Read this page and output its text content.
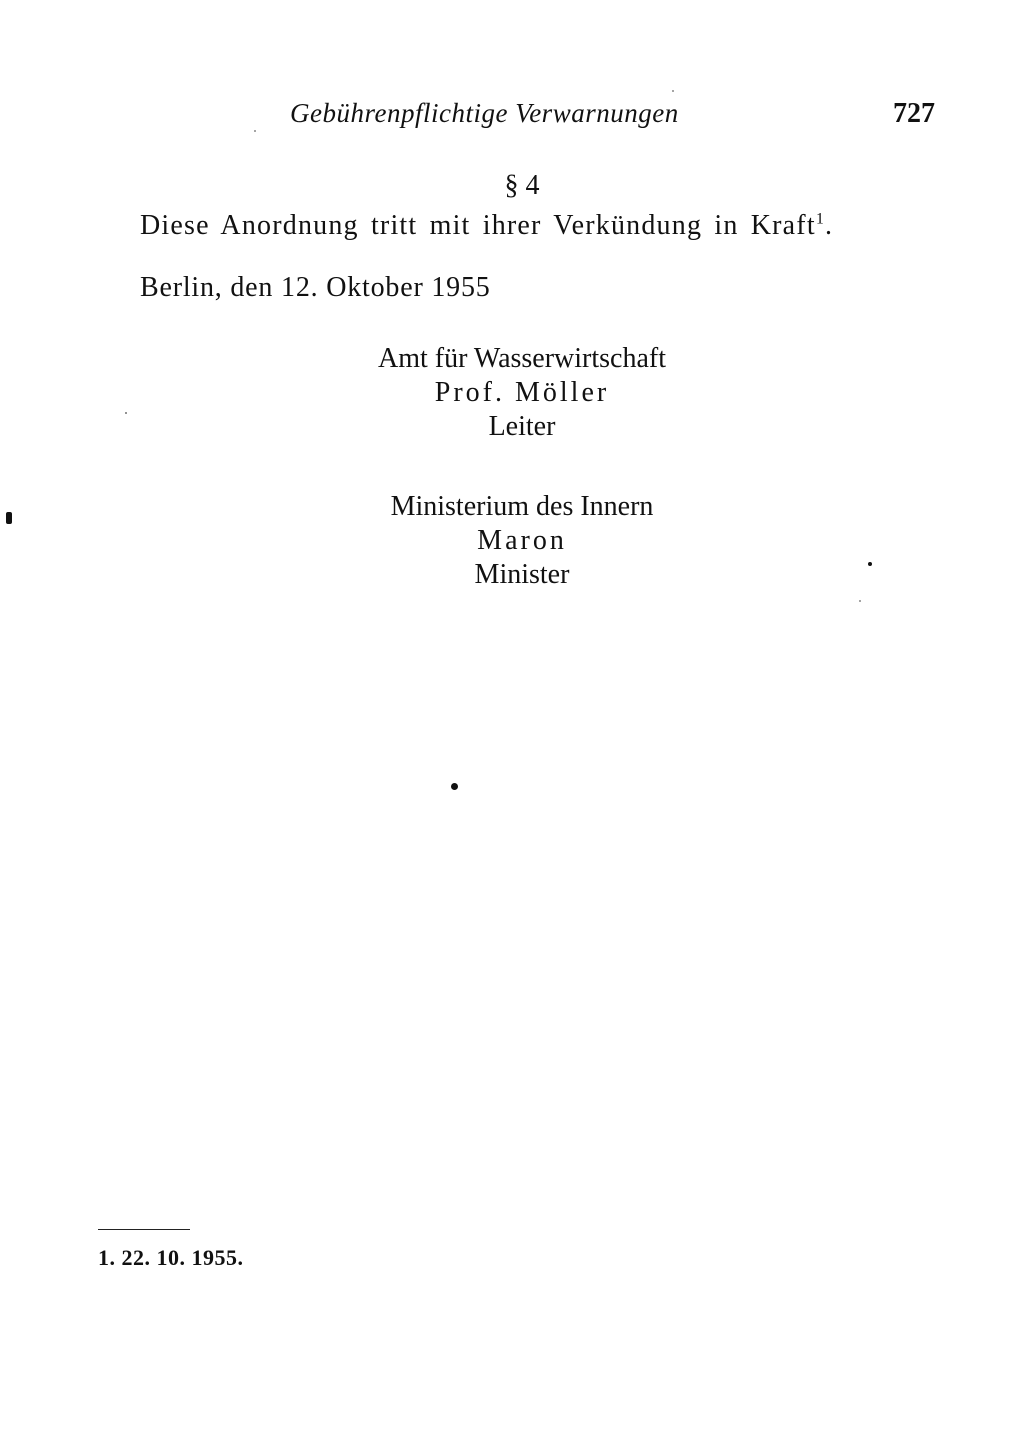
Gebührenpflichtige Verwarnungen	727
§ 4
Diese Anordnung tritt mit ihrer Verkündung in Kraft$^1$.
Berlin, den 12. Oktober 1955
Amt für Wasserwirtschaft
Prof. Möller
Leiter
Ministerium des Innern
Maron
Minister
1. 22. 10. 1955.
